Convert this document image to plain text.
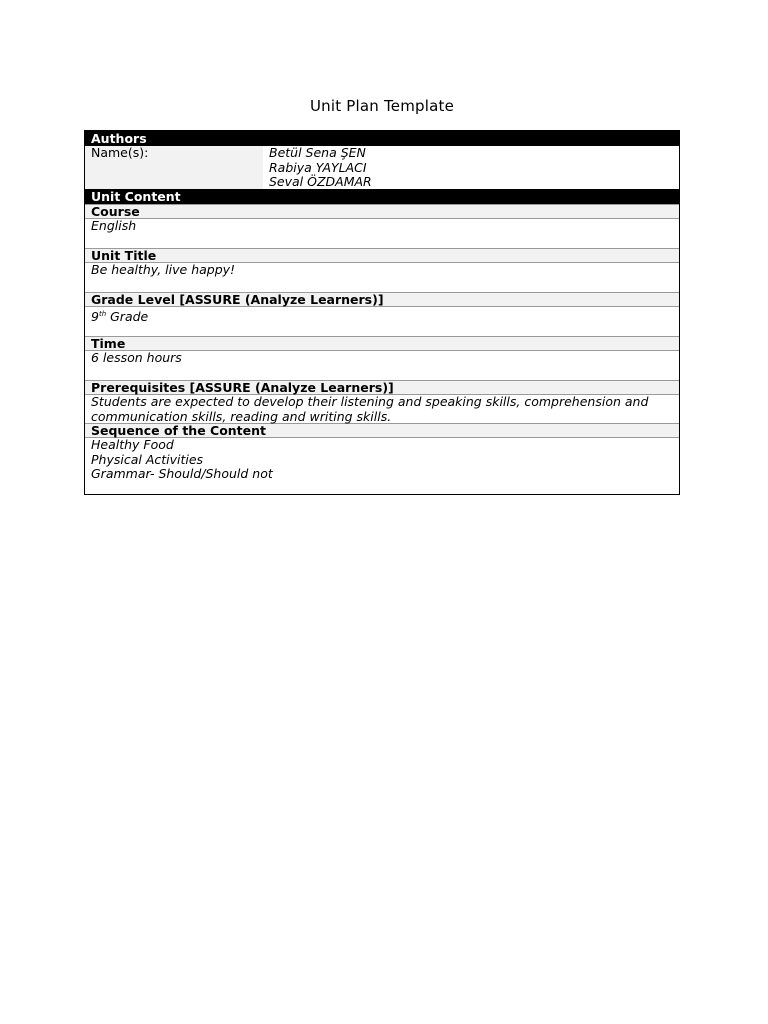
Unit Plan Template
Authors
Name(s):	Betül Sena ŞEN
Rabiya YAYLACI
Seval ÖZDAMAR
Unit Content
Course
English
Unit Title
Be healthy, live happy!
Grade Level [ASSURE (Analyze Learners)]
9th Grade
Time
6 lesson hours
Prerequisites [ASSURE (Analyze Learners)]
Students are expected to develop their listening and speaking skills, comprehension and communication skills, reading and writing skills.
Sequence of the Content
Healthy Food
Physical Activities
Grammar- Should/Should not
